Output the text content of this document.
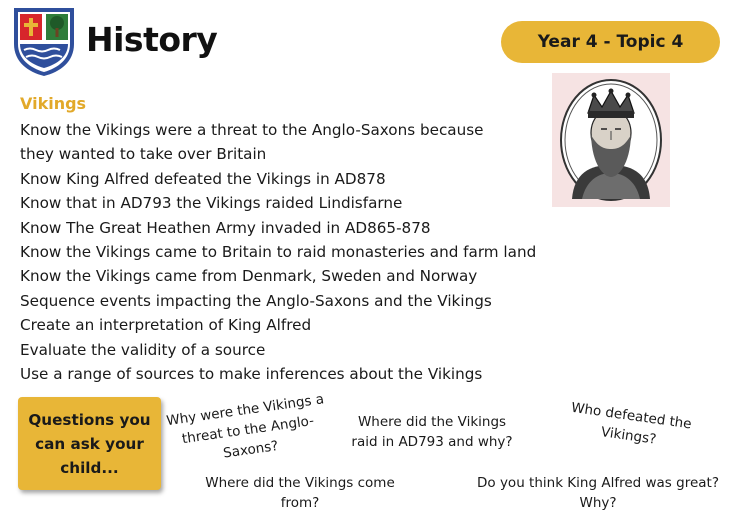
History	Year 4 - Topic 4
Vikings
Know the Vikings were a threat to the Anglo-Saxons because
they wanted to take over Britain
Know King Alfred defeated the Vikings in AD878
Know that in AD793 the Vikings raided Lindisfarne
Know The Great Heathen Army invaded in AD865-878
Know the Vikings came to Britain to raid monasteries and farm land
Know the Vikings came from Denmark, Sweden and Norway
Sequence events impacting the Anglo-Saxons and the Vikings
Create an interpretation of King Alfred
Evaluate the validity of a source
Use a range of sources to make inferences about the Vikings
Questions you can ask your child...
Why were the Vikings a threat to the Anglo-Saxons?
Where did the Vikings raid in AD793 and why?
Who defeated the Vikings?
Where did the Vikings come from?
Do you think King Alfred was great? Why?
